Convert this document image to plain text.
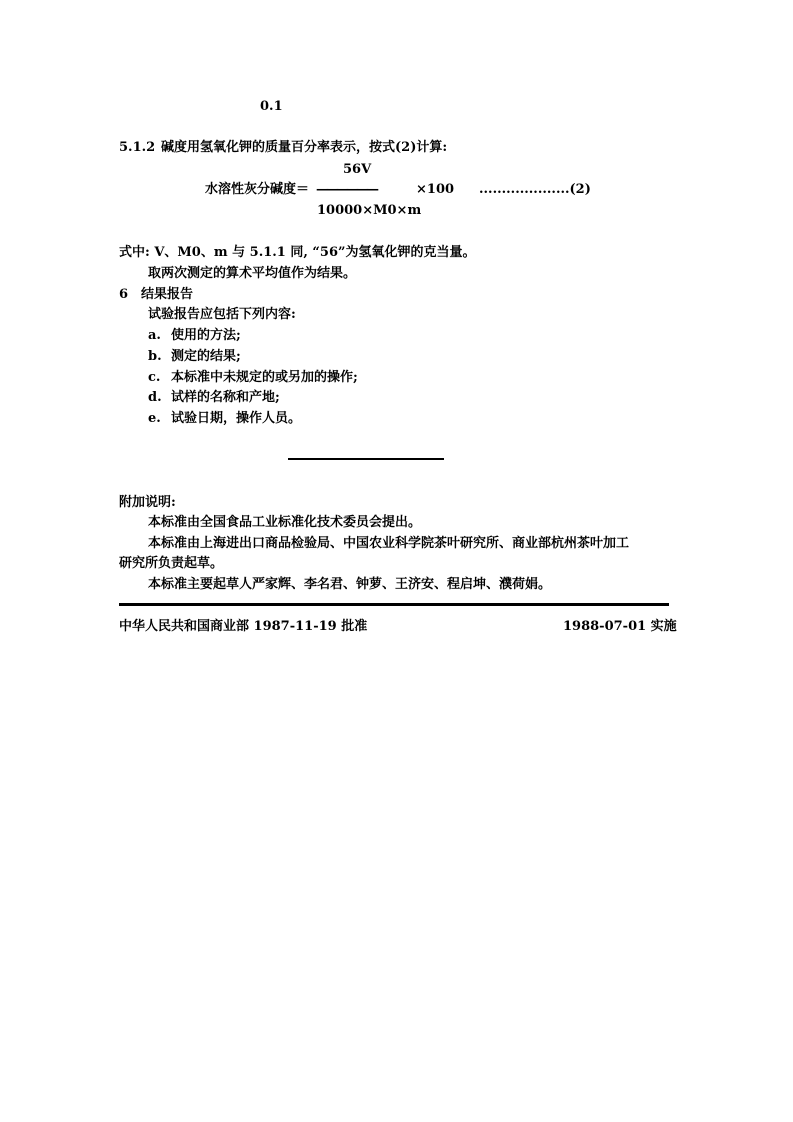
0.1
5.1.2 碱度用氢氧化钾的质量百分率表示，按式(2)计算:
56V
水溶性灰分碱度＝ ——————	×100 ....................(2)
10000×M0×m
式中: V、M0、m 与 5.1.1 同, “56”为氢氧化钾的克当量。
取两次测定的算术平均值作为结果。
6 结果报告
试验报告应包括下列内容:
a. 使用的方法;
b. 测定的结果;
c. 本标准中未规定的或另加的操作;
d. 试样的名称和产地;
e. 试验日期，操作人员。
附加说明:
本标准由全国食品工业标准化技术委员会提出。
本标准由上海进出口商品检验局、中国农业科学院茶叶研究所、商业部杭州茶叶加工
研究所负责起草。
本标准主要起草人严家辉、李名君、钟萝、王济安、程启坤、濮荷娟。
中华人民共和国商业部 1987-11-19 批准	1988-07-01 实施
